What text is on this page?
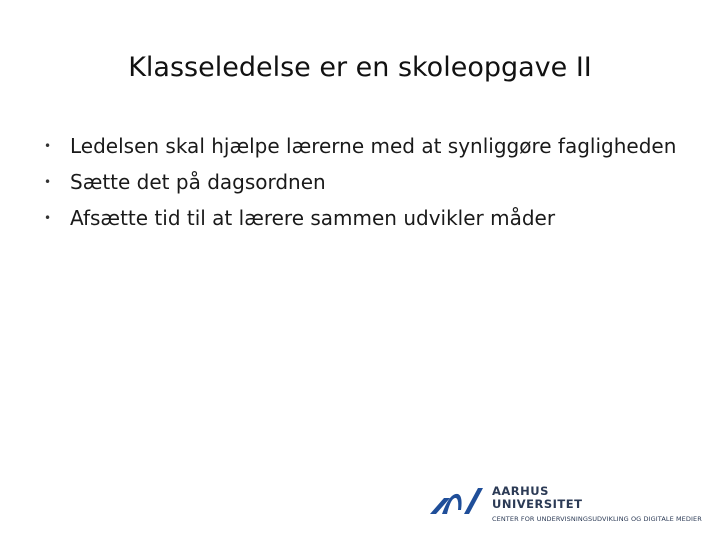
Klasseledelse er en skoleopgave II
• Ledelsen skal hjælpe lærerne med at synliggøre fagligheden
• Sætte det på dagsordnen
• Afsætte tid til at lærere sammen udvikler måder
AARHUS
UNIVERSITET
CENTER FOR UNDERVISNINGSUDVIKLING OG DIGITALE MEDIER
